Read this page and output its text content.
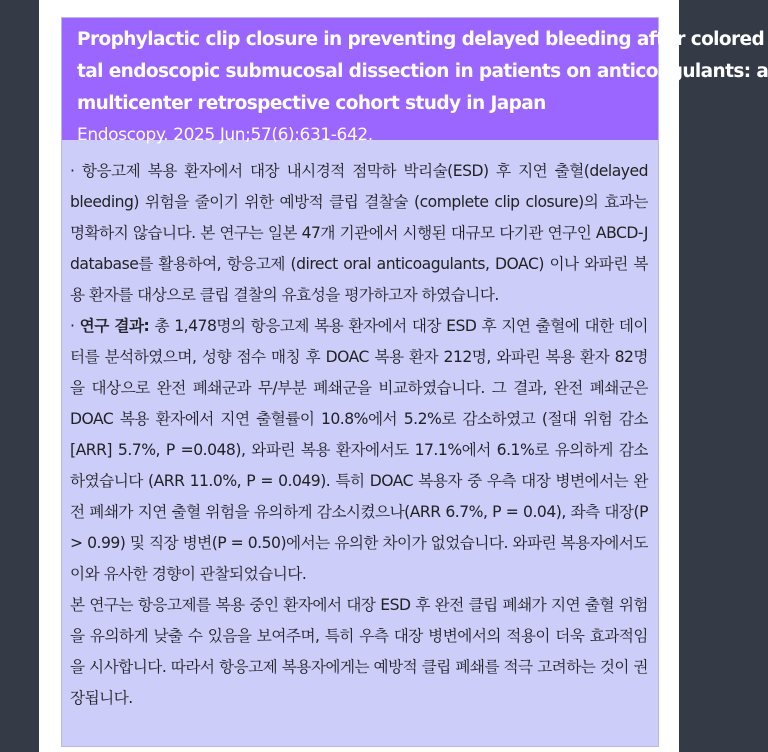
Prophylactic clip closure in preventing delayed bleeding after colored
tal endoscopic submucosal dissection in patients on anticoagulants: a
multicenter retrospective cohort study in Japan
Endoscopy. 2025 Jun;57(6):631-642.

· 항응고제 복용 환자에서 대장 내시경적 점막하 박리술(ESD) 후 지연 출혈(delayed bleeding) 위험을 줄이기 위한 예방적 클립 결찰술 (complete clip closure)의 효과는 명확하지 않습니다. 본 연구는 일본 47개 기관에서 시행된 대규모 다기관 연구인 ABCD-J database를 활용하여, 항응고제 (direct oral anticoagulants, DOAC) 이나 와파린 복용 환자를 대상으로 클립 결찰의 유효성을 평가하고자 하였습니다.

· 연구 결과: 총 1,478명의 항응고제 복용 환자에서 대장 ESD 후 지연 출혈에 대한 데이터를 분석하였으며, 성향 점수 매칭 후 DOAC 복용 환자 212명, 와파린 복용 환자 82명을 대상으로 완전 폐쇄군과 무/부분 폐쇄군을 비교하였습니다. 그 결과, 완전 폐쇄군은 DOAC 복용 환자에서 지연 출혈률이 10.8%에서 5.2%로 감소하였고 (절대 위험 감소[ARR] 5.7%, P =0.048), 와파린 복용 환자에서도 17.1%에서 6.1%로 유의하게 감소하였습니다 (ARR 11.0%, P = 0.049). 특히 DOAC 복용자 중 우측 대장 병변에서는 완전 폐쇄가 지연 출혈 위험을 유의하게 감소시켰으나(ARR 6.7%, P = 0.04), 좌측 대장(P > 0.99) 및 직장 병변(P = 0.50)에서는 유의한 차이가 없었습니다. 와파린 복용자에서도 이와 유사한 경향이 관찰되었습니다.

본 연구는 항응고제를 복용 중인 환자에서 대장 ESD 후 완전 클립 폐쇄가 지연 출혈 위험을 유의하게 낮출 수 있음을 보여주며, 특히 우측 대장 병변에서의 적용이 더욱 효과적임을 시사합니다. 따라서 항응고제 복용자에게는 예방적 클립 폐쇄를 적극 고려하는 것이 권장됩니다.
